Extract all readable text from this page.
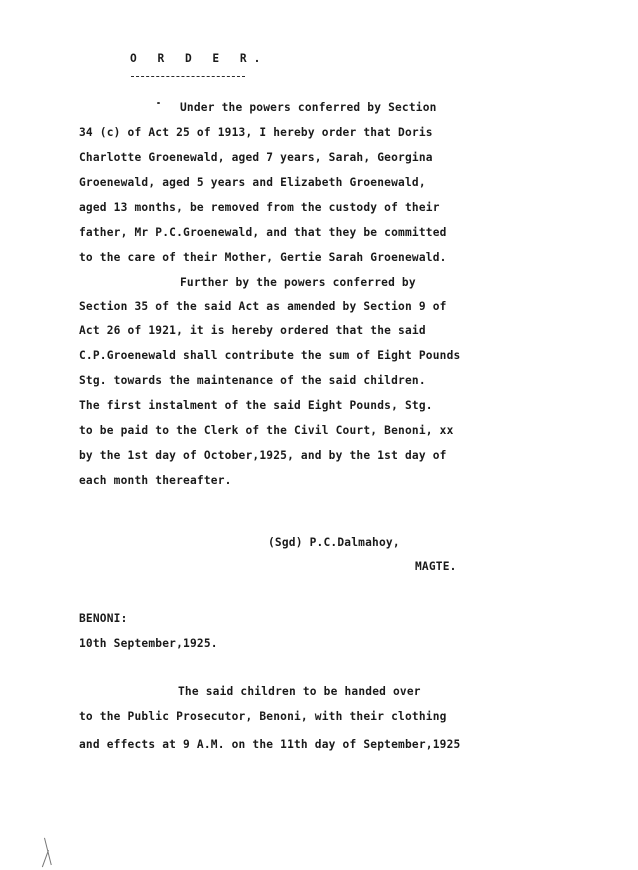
O R D E R.
Under the powers conferred by Section
34 (c) of Act 25 of 1913, I hereby order that Doris
Charlotte Groenewald, aged 7 years, Sarah, Georgina
Groenewald, aged 5 years and Elizabeth Groenewald,
aged 13 months, be removed from the custody of their
father, Mr P.C.Groenewald, and that they be committed
to the care of their Mother, Gertie Sarah Groenewald.
Further by the powers conferred by
Section 35 of the said Act as amended by Section 9 of
Act 26 of 1921, it is hereby ordered that the said
C.P.Groenewald shall contribute the sum of Eight Pounds
Stg. towards the maintenance of the said children.
The first instalment of the said Eight Pounds, Stg.
to be paid to the Clerk of the Civil Court, Benoni, xx
by the 1st day of October,1925, and by the 1st day of
each month thereafter.
(Sgd) P.C.Dalmahoy,
MAGTE.
BENONI:
10th September,1925.
The said children to be handed over
to the Public Prosecutor, Benoni, with their clothing
and effects at 9 A.M. on the 11th day of September,1925
